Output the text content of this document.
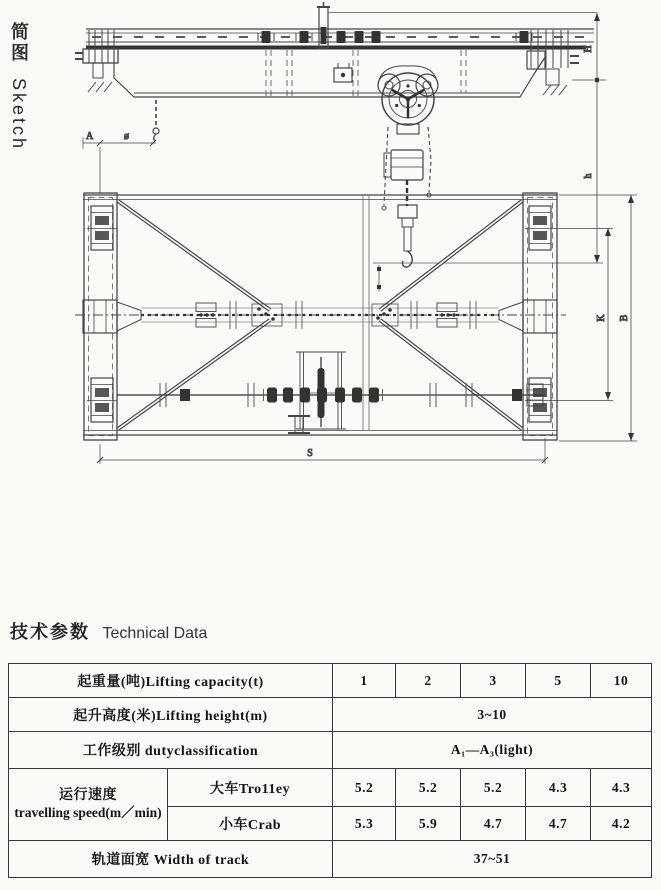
简图 Sketch	A	ø
H
h
S
K B
技术参数 Technical Data
起重量(吨)Lifting capacity(t)		1	2	3	5	10
起升高度(米)Lifting height(m)		3~10				
工作级别 dutyclassification		A₁—A₃(light)				

运行速度
travelling speed(m／min)	大车Tro11ey	5.2	5.2	5.2	4.3	4.3
	小车Crab	5.3	5.9	4.7	4.7	4.2
轨道面宽 Width of track		37~51				
